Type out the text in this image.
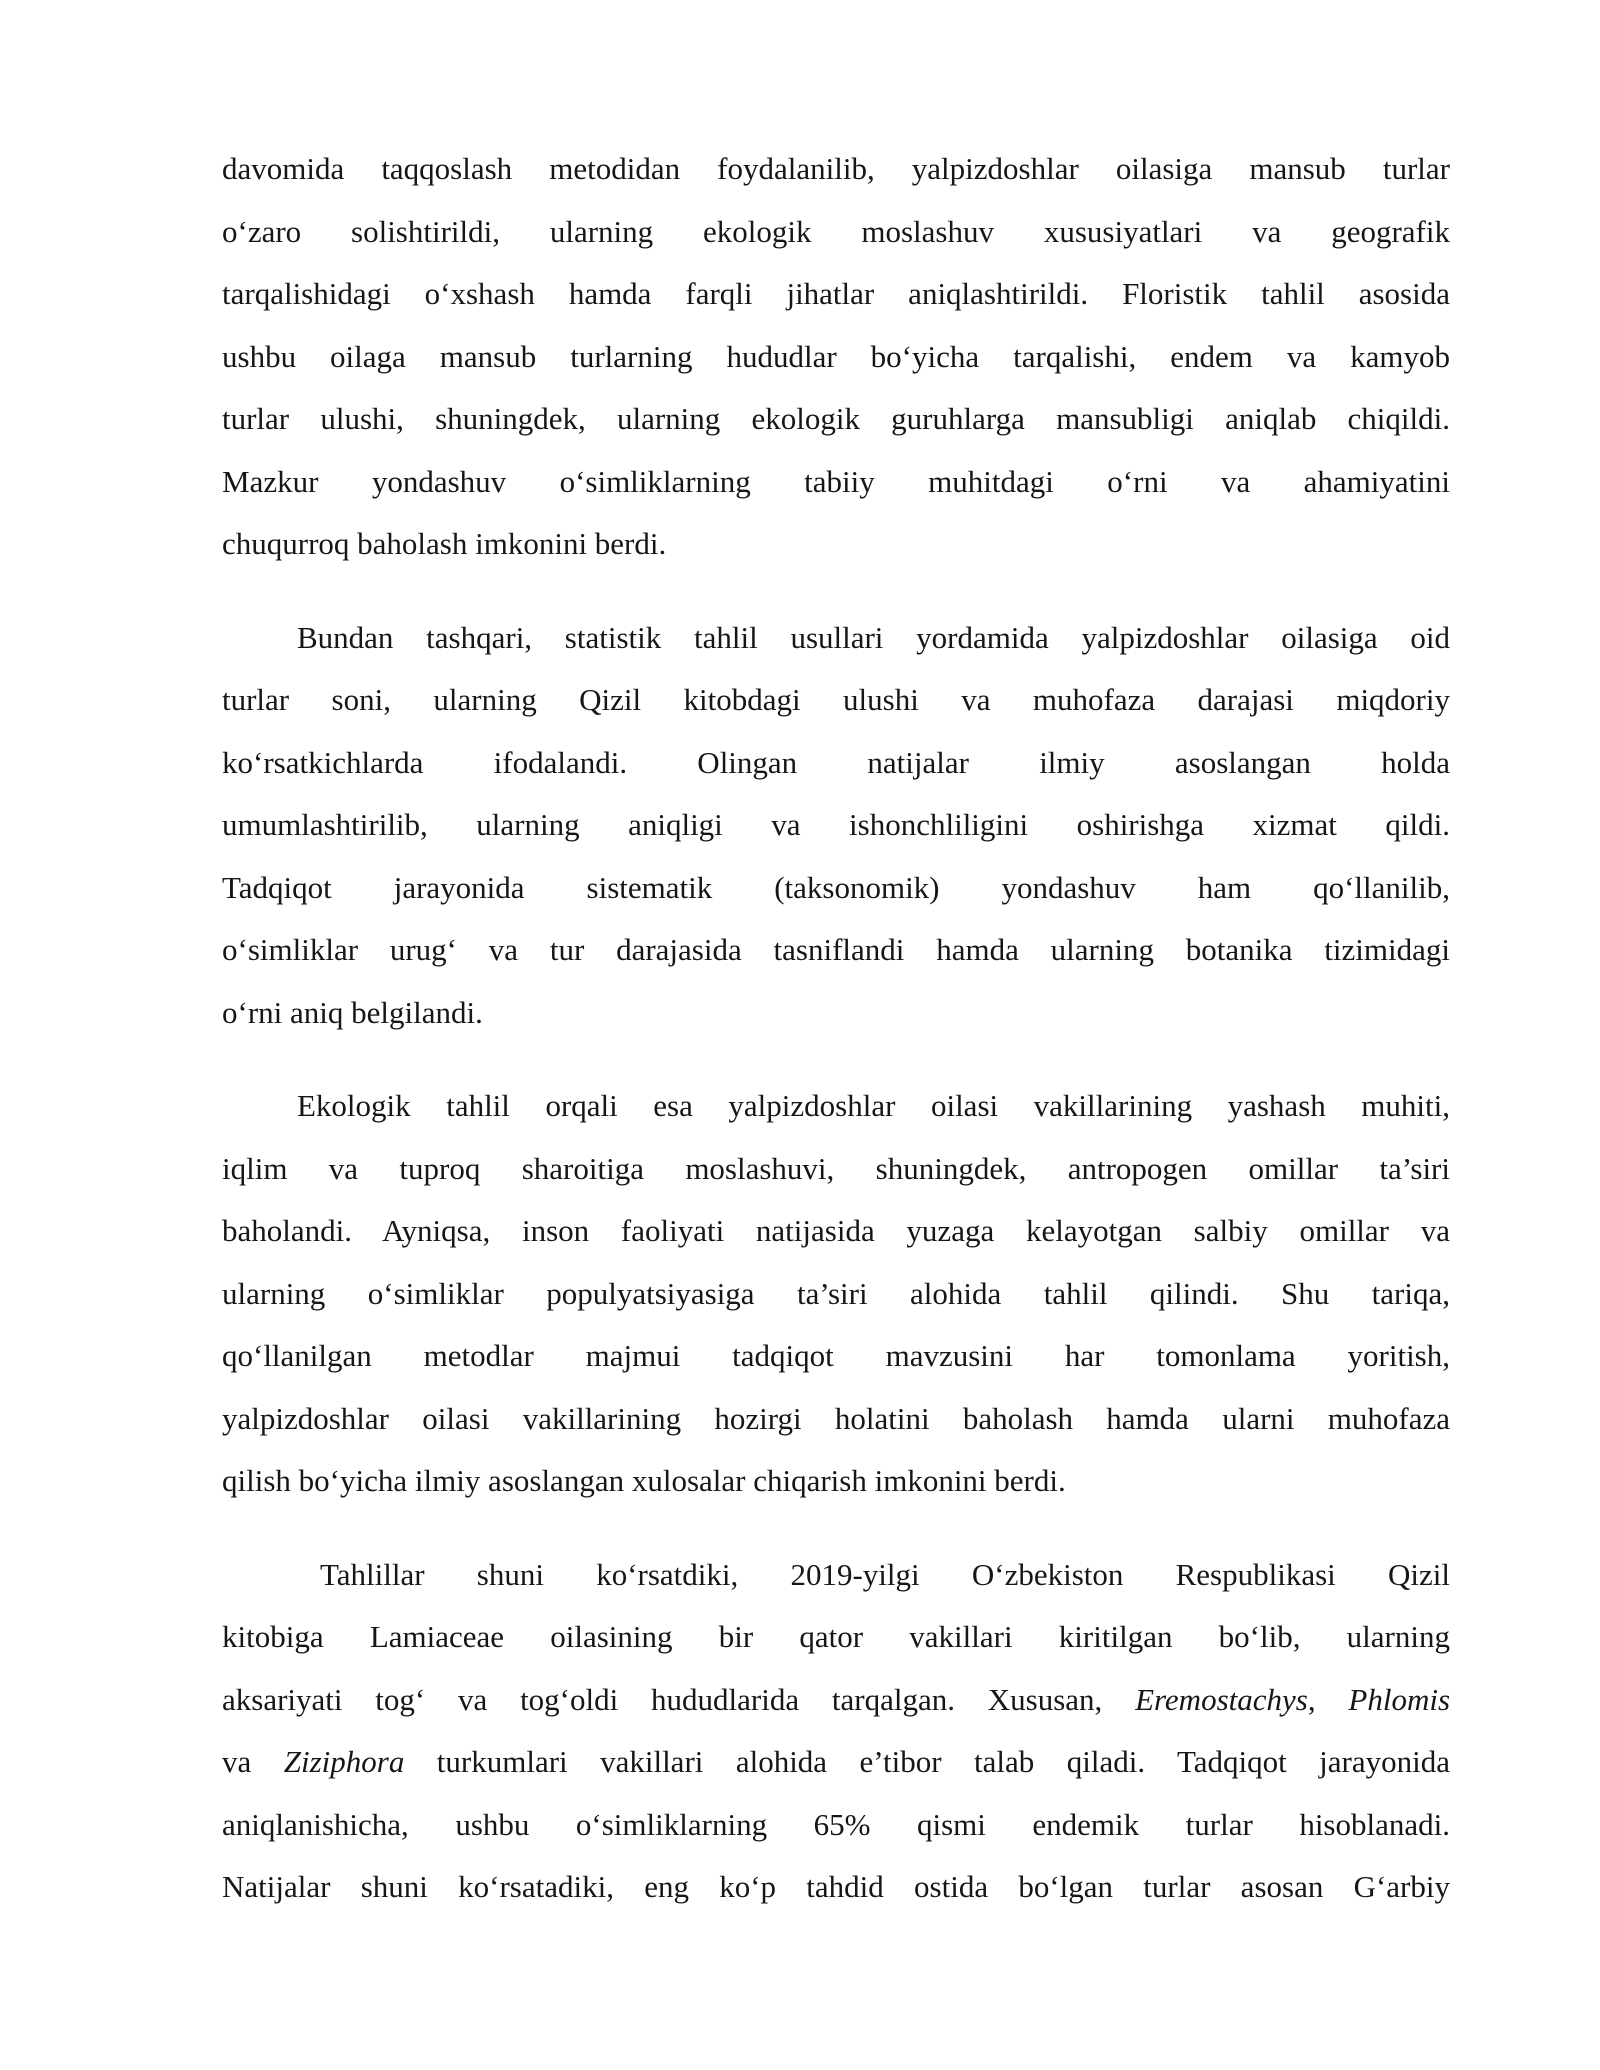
davomida taqqoslash metodidan foydalanilib, yalpizdoshlar oilasiga mansub turlar
o‘zaro solishtirildi, ularning ekologik moslashuv xususiyatlari va geografik
tarqalishidagi o‘xshash hamda farqli jihatlar aniqlashtirildi. Floristik tahlil asosida
ushbu oilaga mansub turlarning hududlar bo‘yicha tarqalishi, endem va kamyob
turlar ulushi, shuningdek, ularning ekologik guruhlarga mansubligi aniqlab chiqildi.
Mazkur yondashuv o‘simliklarning tabiiy muhitdagi o‘rni va ahamiyatini
chuqurroq baholash imkonini berdi.
Bundan tashqari, statistik tahlil usullari yordamida yalpizdoshlar oilasiga oid
turlar soni, ularning Qizil kitobdagi ulushi va muhofaza darajasi miqdoriy
ko‘rsatkichlarda ifodalandi. Olingan natijalar ilmiy asoslangan holda
umumlashtirilib, ularning aniqligi va ishonchliligini oshirishga xizmat qildi.
Tadqiqot jarayonida sistematik (taksonomik) yondashuv ham qo‘llanilib,
o‘simliklar urug‘ va tur darajasida tasniflandi hamda ularning botanika tizimidagi
o‘rni aniq belgilandi.
Ekologik tahlil orqali esa yalpizdoshlar oilasi vakillarining yashash muhiti,
iqlim va tuproq sharoitiga moslashuvi, shuningdek, antropogen omillar ta’siri
baholandi. Ayniqsa, inson faoliyati natijasida yuzaga kelayotgan salbiy omillar va
ularning o‘simliklar populyatsiyasiga ta’siri alohida tahlil qilindi. Shu tariqa,
qo‘llanilgan metodlar majmui tadqiqot mavzusini har tomonlama yoritish,
yalpizdoshlar oilasi vakillarining hozirgi holatini baholash hamda ularni muhofaza
qilish bo‘yicha ilmiy asoslangan xulosalar chiqarish imkonini berdi.
Tahlillar shuni ko‘rsatdiki, 2019-yilgi O‘zbekiston Respublikasi Qizil
kitobiga Lamiaceae oilasining bir qator vakillari kiritilgan bo‘lib, ularning
aksariyati tog‘ va tog‘oldi hududlarida tarqalgan. Xususan, Eremostachys, Phlomis
va Ziziphora turkumlari vakillari alohida e’tibor talab qiladi. Tadqiqot jarayonida
aniqlanishicha, ushbu o‘simliklarning 65% qismi endemik turlar hisoblanadi.
Natijalar shuni ko‘rsatadiki, eng ko‘p tahdid ostida bo‘lgan turlar asosan G‘arbiy
